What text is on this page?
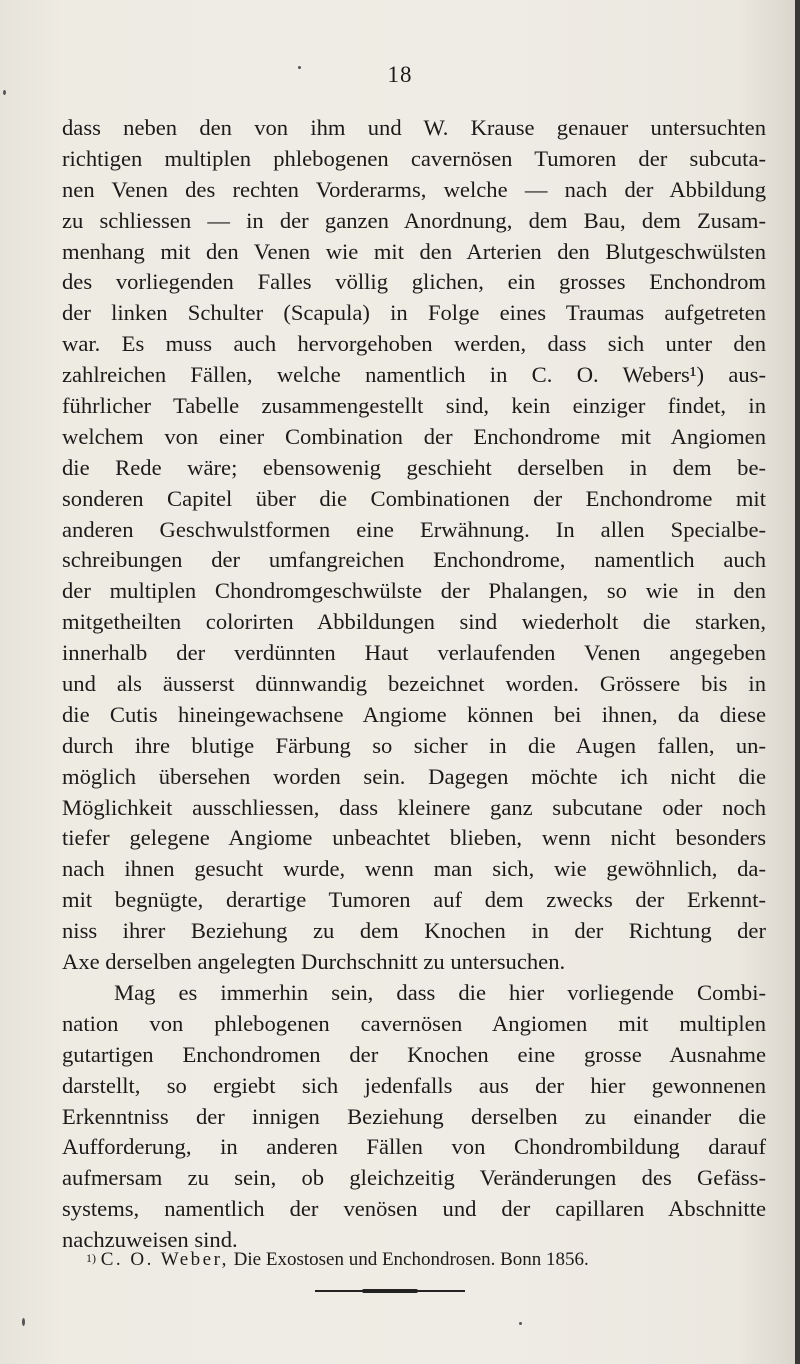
18
dass neben den von ihm und W. Krause genauer untersuchten
richtigen multiplen phlebogenen cavernösen Tumoren der subcuta-
nen Venen des rechten Vorderarms, welche — nach der Abbildung
zu schliessen — in der ganzen Anordnung, dem Bau, dem Zusam-
menhang mit den Venen wie mit den Arterien den Blutgeschwülsten
des vorliegenden Falles völlig glichen, ein grosses Enchondrom
der linken Schulter (Scapula) in Folge eines Traumas aufgetreten
war. Es muss auch hervorgehoben werden, dass sich unter den
zahlreichen Fällen, welche namentlich in C. O. Webers¹) aus-
führlicher Tabelle zusammengestellt sind, kein einziger findet, in
welchem von einer Combination der Enchondrome mit Angiomen
die Rede wäre; ebensowenig geschieht derselben in dem be-
sonderen Capitel über die Combinationen der Enchondrome mit
anderen Geschwulstformen eine Erwähnung. In allen Specialbe-
schreibungen der umfangreichen Enchondrome, namentlich auch
der multiplen Chondromgeschwülste der Phalangen, so wie in den
mitgetheilten colorirten Abbildungen sind wiederholt die starken,
innerhalb der verdünnten Haut verlaufenden Venen angegeben
und als äusserst dünnwandig bezeichnet worden. Grössere bis in
die Cutis hineingewachsene Angiome können bei ihnen, da diese
durch ihre blutige Färbung so sicher in die Augen fallen, un-
möglich übersehen worden sein. Dagegen möchte ich nicht die
Möglichkeit ausschliessen, dass kleinere ganz subcutane oder noch
tiefer gelegene Angiome unbeachtet blieben, wenn nicht besonders
nach ihnen gesucht wurde, wenn man sich, wie gewöhnlich, da-
mit begnügte, derartige Tumoren auf dem zwecks der Erkennt-
niss ihrer Beziehung zu dem Knochen in der Richtung der
Axe derselben angelegten Durchschnitt zu untersuchen.
Mag es immerhin sein, dass die hier vorliegende Combi-
nation von phlebogenen cavernösen Angiomen mit multiplen
gutartigen Enchondromen der Knochen eine grosse Ausnahme
darstellt, so ergiebt sich jedenfalls aus der hier gewonnenen
Erkenntniss der innigen Beziehung derselben zu einander die
Aufforderung, in anderen Fällen von Chondrombildung darauf
aufmersam zu sein, ob gleichzeitig Veränderungen des Gefäss-
systems, namentlich der venösen und der capillaren Abschnitte
nachzuweisen sind.
$^{1)}$ C. O. Weber, Die Exostosen und Enchondrosen. Bonn 1856.
